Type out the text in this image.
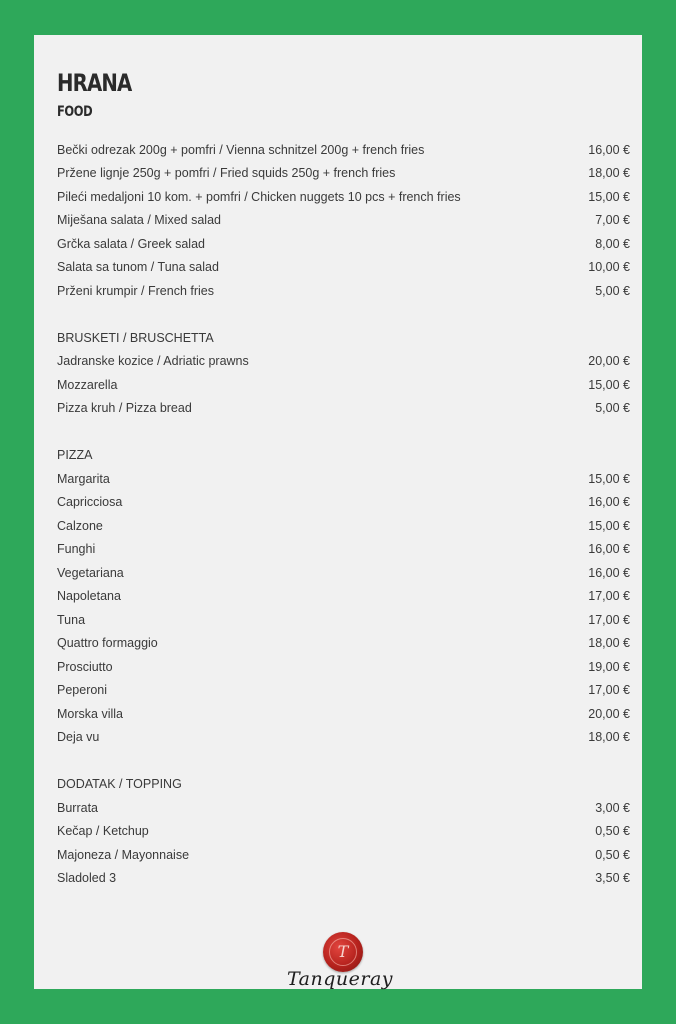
HRANA
FOOD
Bečki odrezak 200g + pomfri / Vienna schnitzel 200g + french fries	16,00 €
Pržene lignje 250g + pomfri / Fried squids 250g + french fries	18,00 €
Pileći medaljoni 10 kom. + pomfri / Chicken nuggets 10 pcs + french fries	15,00 €
Miješana salata / Mixed salad	7,00 €
Grčka salata / Greek salad	8,00 €
Salata sa tunom / Tuna salad	10,00 €
Prženi krumpir / French fries	5,00 €
BRUSKETI / BRUSCHETTA
Jadranske kozice / Adriatic prawns	20,00 €
Mozzarella	15,00 €
Pizza kruh / Pizza bread	5,00 €
PIZZA
Margarita	15,00 €
Capricciosa	16,00 €
Calzone	15,00 €
Funghi	16,00 €
Vegetariana	16,00 €
Napoletana	17,00 €
Tuna	17,00 €
Quattro formaggio	18,00 €
Prosciutto	19,00 €
Peperoni	17,00 €
Morska villa	20,00 €
Deja vu	18,00 €
DODATAK / TOPPING
Burrata	3,00 €
Kečap / Ketchup	0,50 €
Majoneza / Mayonnaise	0,50 €
Sladoled 3	3,50 €
T
Tanqueray
